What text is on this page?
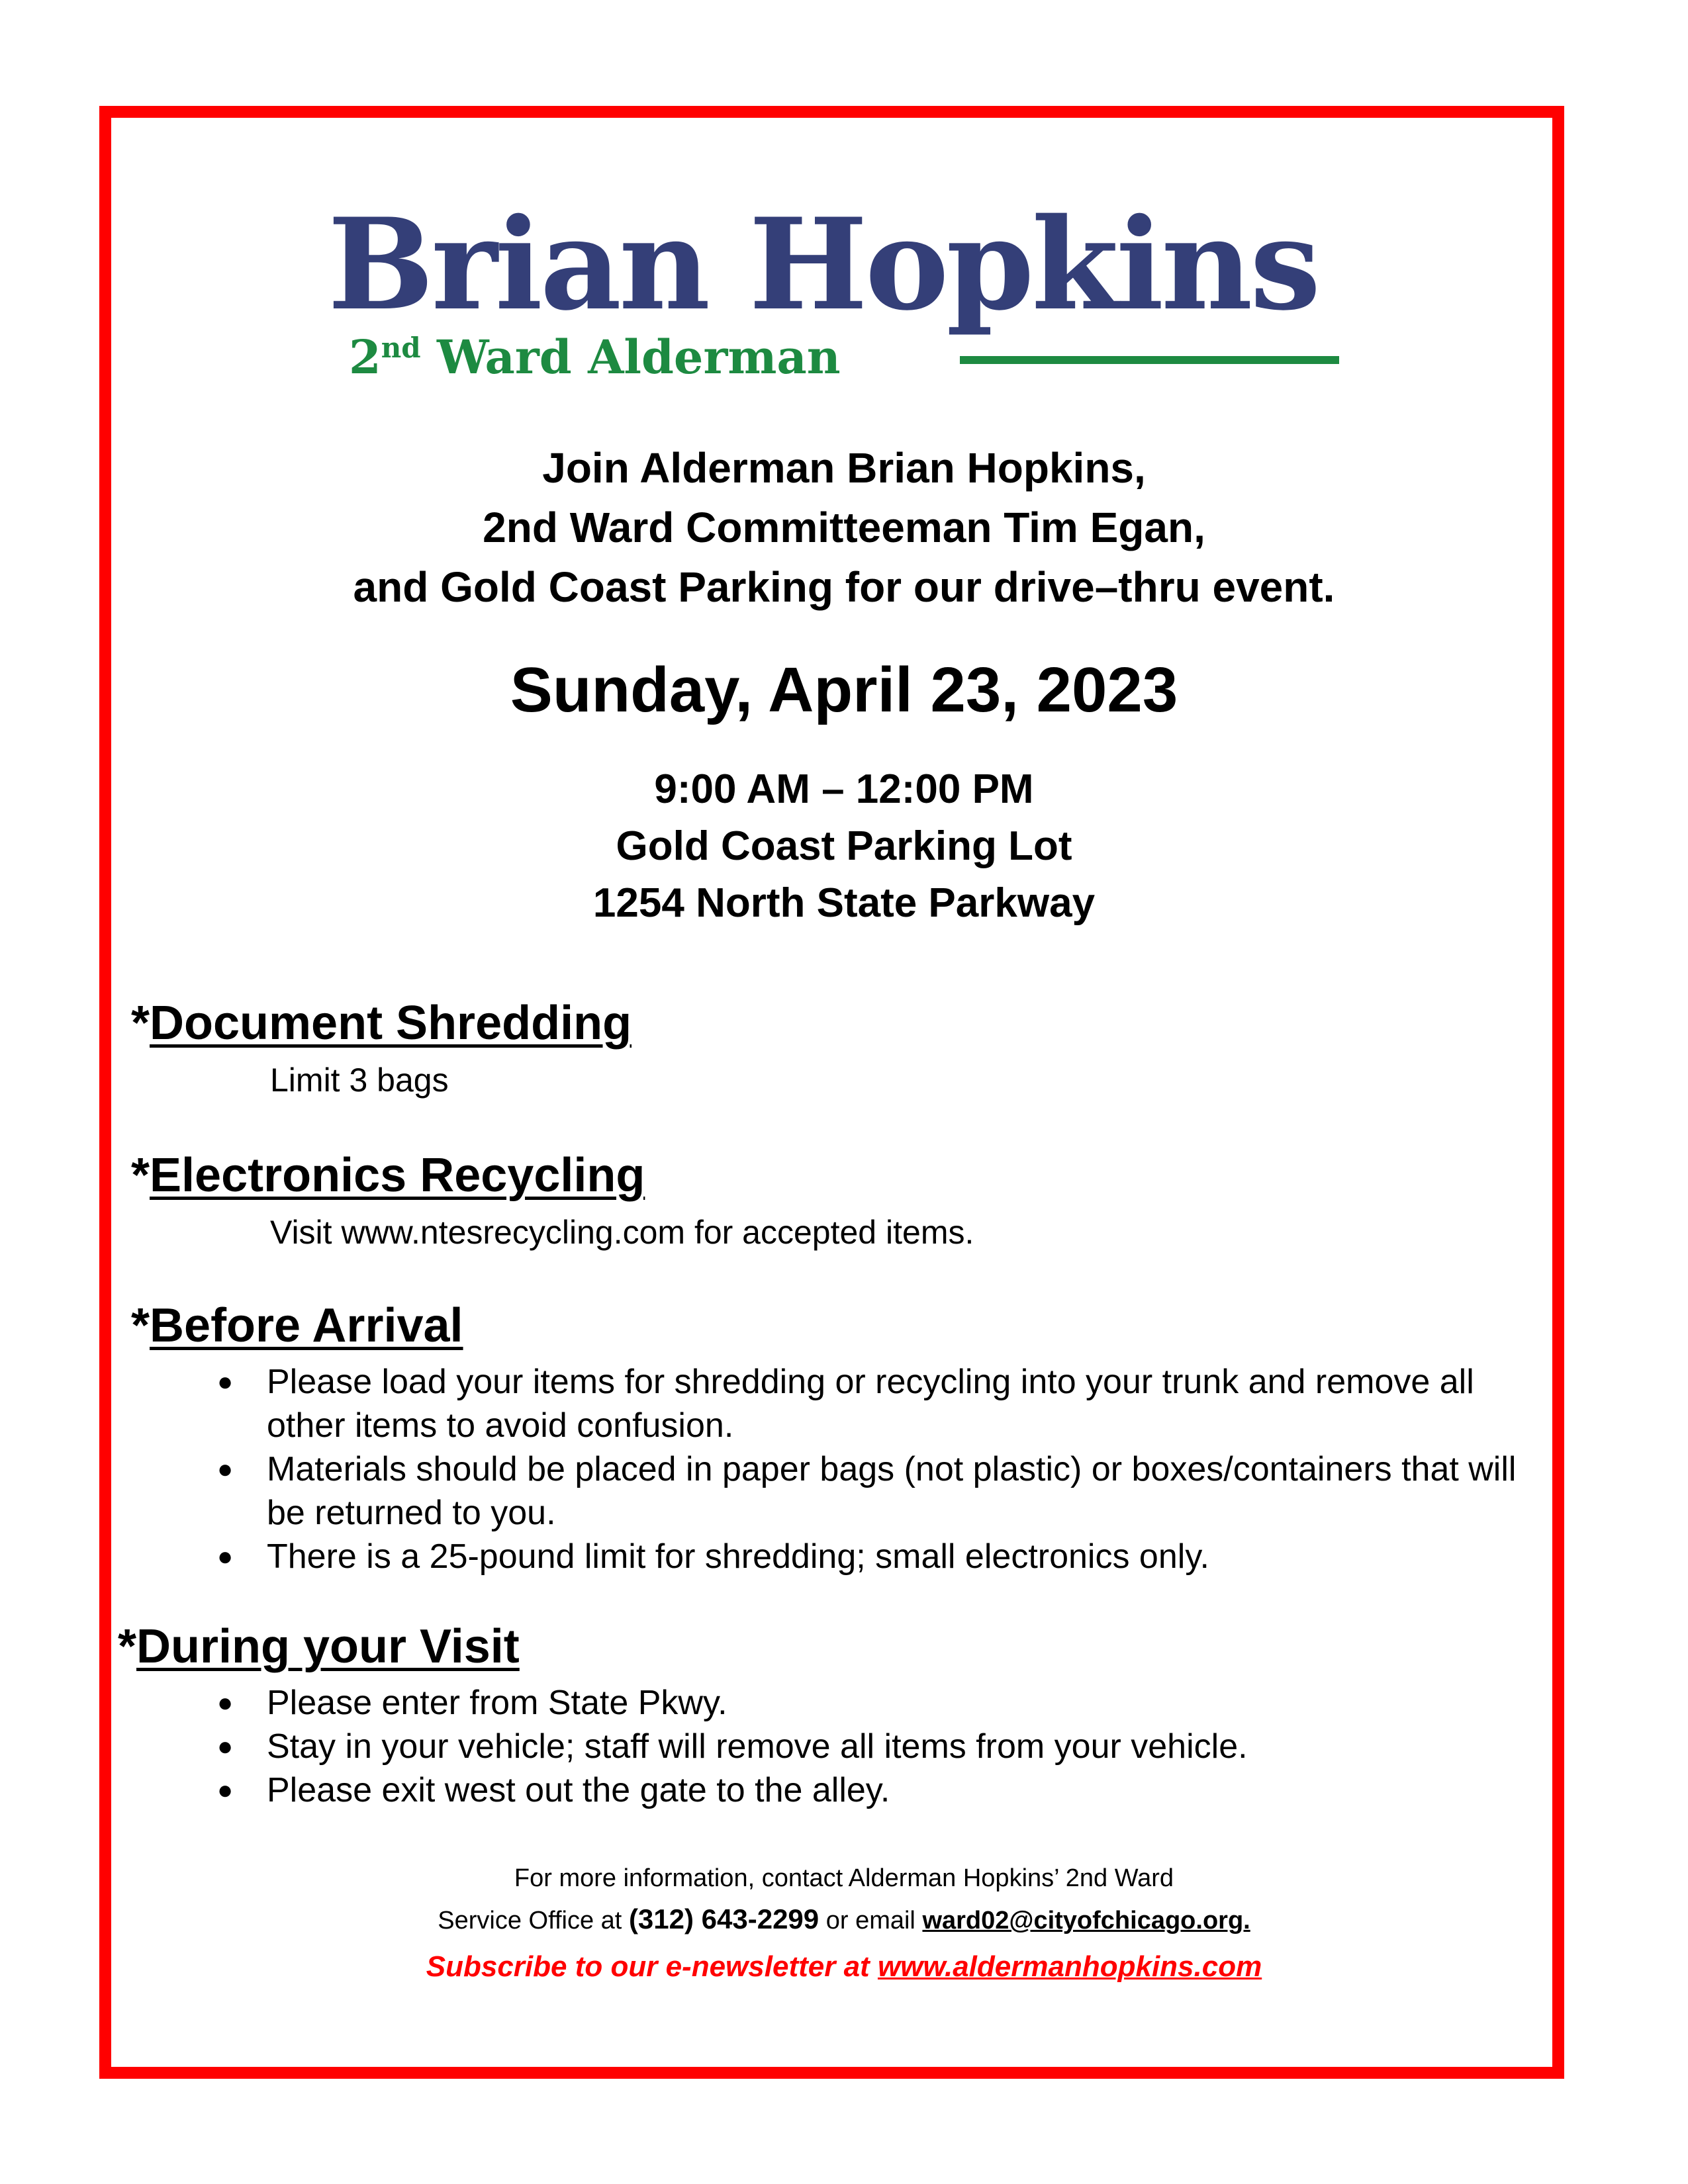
Brian Hopkins
2nd Ward Alderman
Join Alderman Brian Hopkins,
2nd Ward Committeeman Tim Egan,
and Gold Coast Parking for our drive–thru event.
Sunday, April 23, 2023
9:00 AM – 12:00 PM
Gold Coast Parking Lot
1254 North State Parkway
*Document Shredding
Limit 3 bags
*Electronics Recycling
Visit www.ntesrecycling.com for accepted items.
*Before Arrival
● Please load your items for shredding or recycling into your trunk and remove all other items to avoid confusion.
● Materials should be placed in paper bags (not plastic) or boxes/containers that will be returned to you.
● There is a 25-pound limit for shredding; small electronics only.
*During your Visit
● Please enter from State Pkwy.
● Stay in your vehicle; staff will remove all items from your vehicle.
● Please exit west out the gate to the alley.
For more information, contact Alderman Hopkins’ 2nd Ward
Service Office at (312) 643-2299 or email ward02@cityofchicago.org.
Subscribe to our e-newsletter at www.aldermanhopkins.com
